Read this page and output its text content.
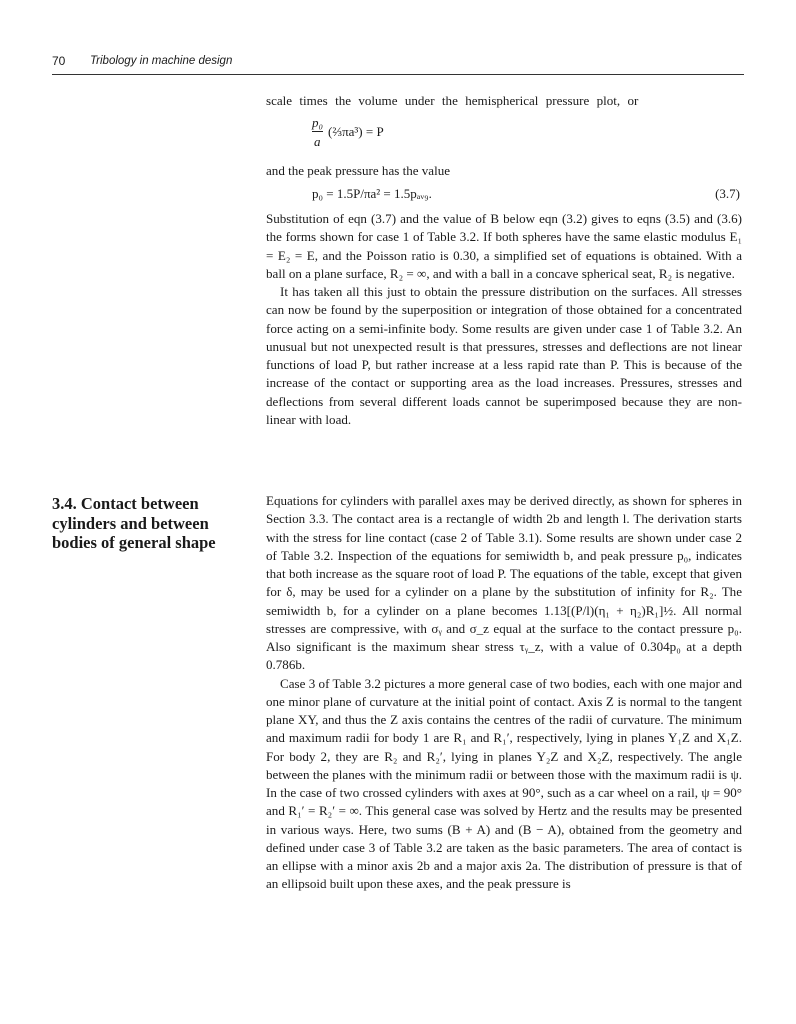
70 Tribology in machine design

scale times the volume under the hemispherical pressure plot, or

p₀
a
(⅔πa³) = P

and the peak pressure has the value

p₀ = 1.5P/πa² = 1.5pₐᵥ₉.	(3.7)

Substitution of eqn (3.7) and the value of B below eqn (3.2) gives to eqns (3.5) and (3.6) the forms shown for case 1 of Table 3.2. If both spheres have the same elastic modulus E₁ = E₂ = E, and the Poisson ratio is 0.30, a simplified set of equations is obtained. With a ball on a plane surface, R₂ = ∞, and with a ball in a concave spherical seat, R₂ is negative.

It has taken all this just to obtain the pressure distribution on the surfaces. All stresses can now be found by the superposition or integration of those obtained for a concentrated force acting on a semi-infinite body. Some results are given under case 1 of Table 3.2. An unusual but not unexpected result is that pressures, stresses and deflections are not linear functions of load P, but rather increase at a less rapid rate than P. This is because of the increase of the contact or supporting area as the load increases. Pressures, stresses and deflections from several different loads cannot be superimposed because they are non-linear with load.

3.4. Contact between
cylinders and between
bodies of general shape

Equations for cylinders with parallel axes may be derived directly, as shown for spheres in Section 3.3. The contact area is a rectangle of width 2b and length l. The derivation starts with the stress for line contact (case 2 of Table 3.1). Some results are shown under case 2 of Table 3.2. Inspection of the equations for semiwidth b, and peak pressure p₀, indicates that both increase as the square root of load P. The equations of the table, except that given for δ, may be used for a cylinder on a plane by the substitution of infinity for R₂. The semiwidth b, for a cylinder on a plane becomes 1.13[(P/l)(η₁ + η₂)R₁]½. All normal stresses are compressive, with σᵧ and σ_z equal at the surface to the contact pressure p₀. Also significant is the maximum shear stress τᵧ_z, with a value of 0.304p₀ at a depth 0.786b.

Case 3 of Table 3.2 pictures a more general case of two bodies, each with one major and one minor plane of curvature at the initial point of contact. Axis Z is normal to the tangent plane XY, and thus the Z axis contains the centres of the radii of curvature. The minimum and maximum radii for body 1 are R₁ and R₁′, respectively, lying in planes Y₁Z and X₁Z. For body 2, they are R₂ and R₂′, lying in planes Y₂Z and X₂Z, respectively. The angle between the planes with the minimum radii or between those with the maximum radii is ψ. In the case of two crossed cylinders with axes at 90°, such as a car wheel on a rail, ψ = 90° and R₁′ = R₂′ = ∞. This general case was solved by Hertz and the results may be presented in various ways. Here, two sums (B + A) and (B − A), obtained from the geometry and defined under case 3 of Table 3.2 are taken as the basic parameters. The area of contact is an ellipse with a minor axis 2b and a major axis 2a. The distribution of pressure is that of an ellipsoid built upon these axes, and the peak pressure is
